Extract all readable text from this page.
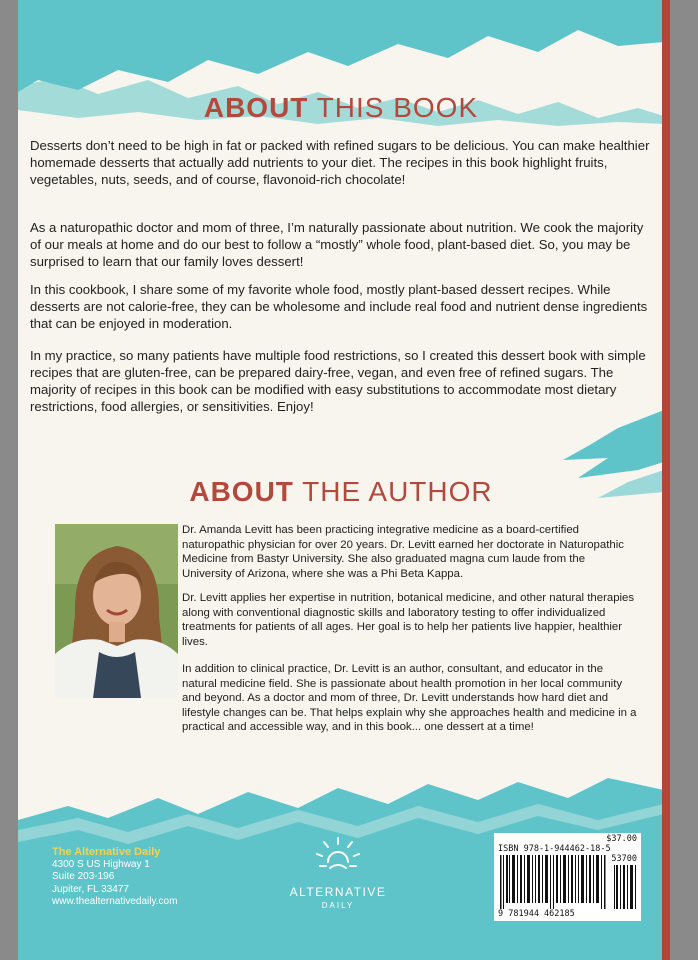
ABOUT THIS BOOK

Desserts don’t need to be high in fat or packed with refined sugars to be delicious. You can make healthier homemade desserts that actually add nutrients to your diet. The recipes in this book highlight fruits, vegetables, nuts, seeds, and of course, flavonoid-rich chocolate!

As a naturopathic doctor and mom of three, I’m naturally passionate about nutrition. We cook the majority of our meals at home and do our best to follow a “mostly” whole food, plant-based diet. So, you may be surprised to learn that our family loves dessert!

In this cookbook, I share some of my favorite whole food, mostly plant-based dessert recipes. While desserts are not calorie-free, they can be wholesome and include real food and nutrient dense ingredients that can be enjoyed in moderation.

In my practice, so many patients have multiple food restrictions, so I created this dessert book with simple recipes that are gluten-free, can be prepared dairy-free, vegan, and even free of refined sugars. The majority of recipes in this book can be modified with easy substitutions to accommodate most dietary restrictions, food allergies, or sensitivities. Enjoy!

ABOUT THE AUTHOR

Dr. Amanda Levitt has been practicing integrative medicine as a board-certified naturopathic physician for over 20 years. Dr. Levitt earned her doctorate in Naturopathic Medicine from Bastyr University. She also graduated magna cum laude from the University of Arizona, where she was a Phi Beta Kappa.

Dr. Levitt applies her expertise in nutrition, botanical medicine, and other natural therapies along with conventional diagnostic skills and laboratory testing to offer individualized treatments for patients of all ages. Her goal is to help her patients live happier, healthier lives.

In addition to clinical practice, Dr. Levitt is an author, consultant, and educator in the natural medicine field. She is passionate about health promotion in her local community and beyond. As a doctor and mom of three, Dr. Levitt understands how hard diet and lifestyle changes can be. That helps explain why she approaches health and medicine in a practical and accessible way, and in this book... one dessert at a time!

The Alternative Daily
4300 S US Highway 1
Suite 203-196
Jupiter, FL 33477
www.thealternativedaily.com
ALTERNATIVE
DAILY
$37.00
ISBN 978-1-944462-18-5
53700
9 781944 462185
